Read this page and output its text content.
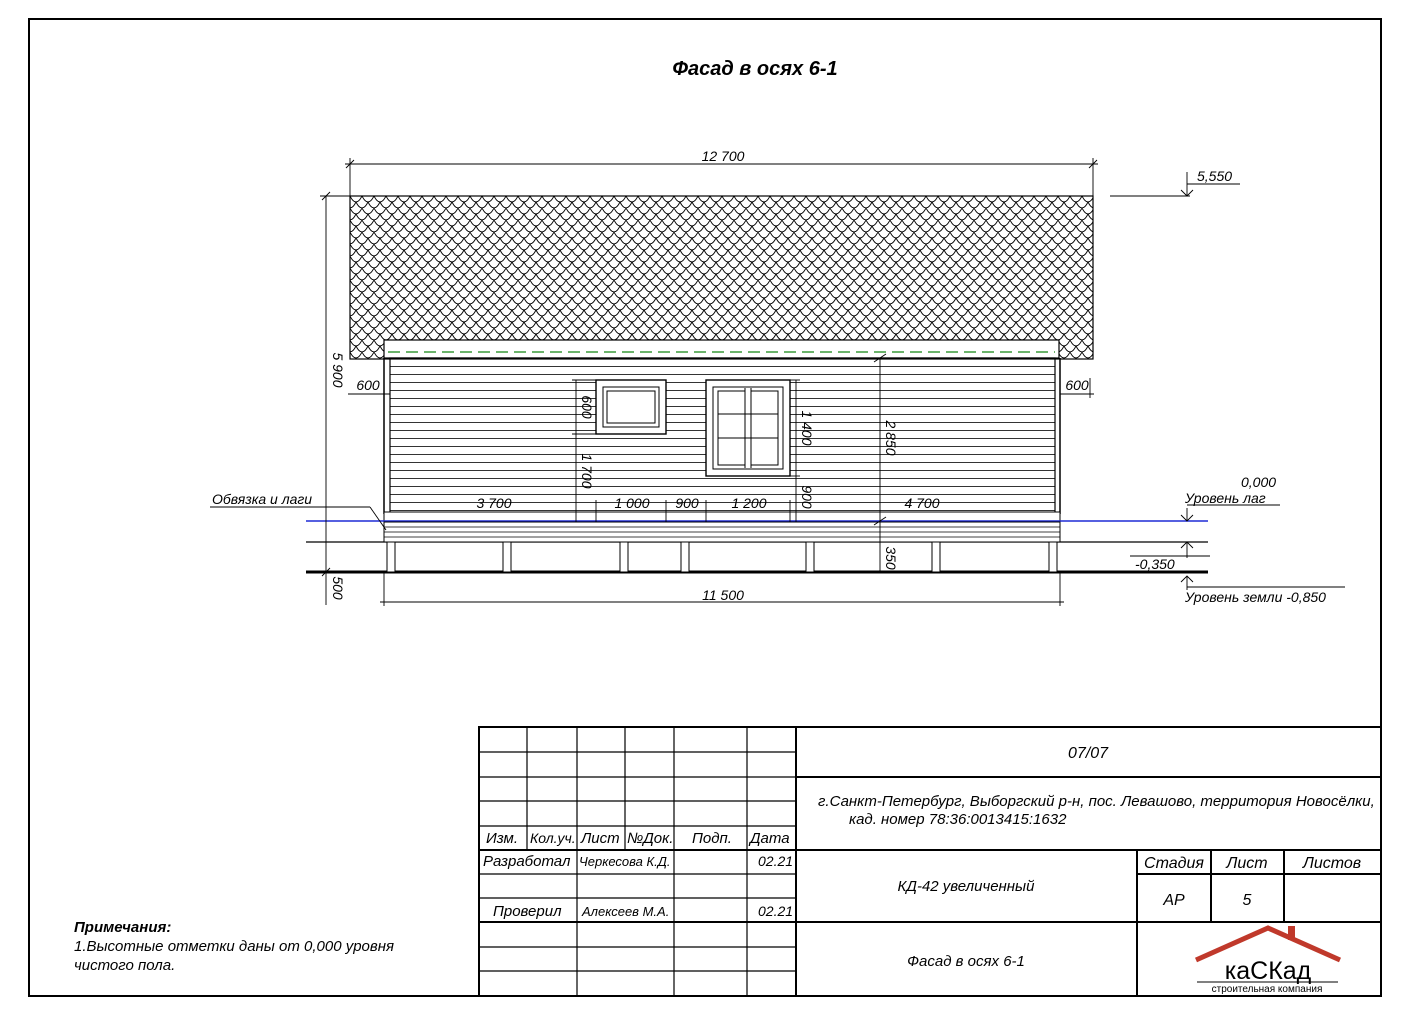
Фасад в осях 6-1
12 700
5 900
500
600	600
600
1 700
1 400
900
2 850
350
3 700	1 000 900 1 200	4 700
11 500
5,550
0,000
Уровень лаг
-0,350
Уровень земли -0,850
Обвязка и лаги
Изм. Кол.уч. Лист №Док. Подп. Дата
Разработал Черкесова К.Д.	02.21
Проверил Алексеев М.А.	02.21
07/07
г.Санкт-Петербург, Выборгский р-н, пос. Левашово, территория Новосёлки,
кад. номер 78:36:0013415:1632
КД-42 увеличенный
Стадия Лист Листов
АР	5
Фасад в осях 6-1	каСКад
строительная компания
Примечания:
1.Высотные отметки даны от 0,000 уровня
чистого пола.
